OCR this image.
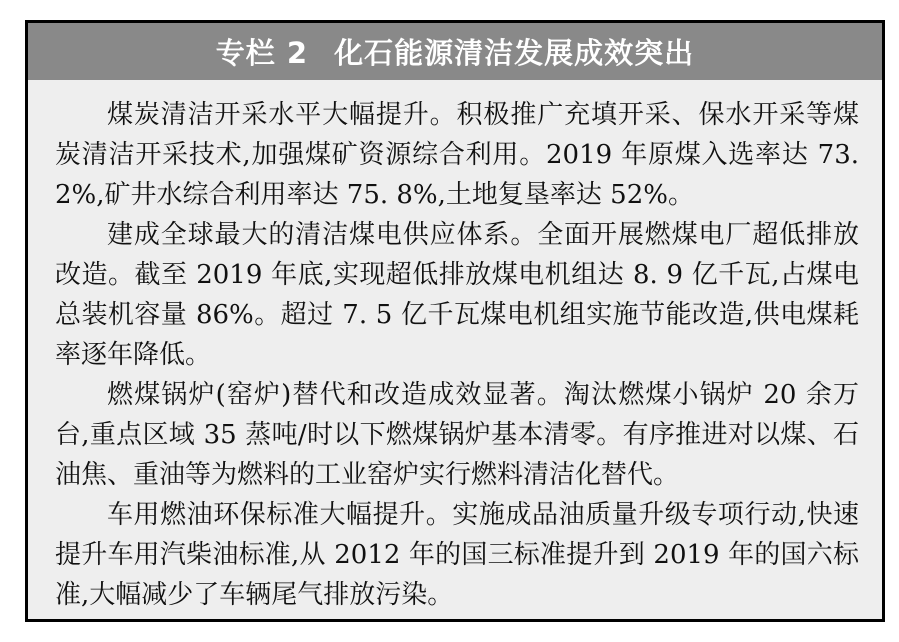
专栏 2 化石能源清洁发展成效突出

煤炭清洁开采水平大幅提升。积极推广充填开采、保水开采等煤炭清洁开采技术,加强煤矿资源综合利用。2019 年原煤入选率达 73. 2%,矿井水综合利用率达 75. 8%,土地复垦率达 52%。

建成全球最大的清洁煤电供应体系。全面开展燃煤电厂超低排放改造。截至 2019 年底,实现超低排放煤电机组达 8. 9 亿千瓦,占煤电总装机容量 86%。超过 7. 5 亿千瓦煤电机组实施节能改造,供电煤耗率逐年降低。

燃煤锅炉(窑炉)替代和改造成效显著。淘汰燃煤小锅炉 20 余万台,重点区域 35 蒸吨/时以下燃煤锅炉基本清零。有序推进对以煤、石油焦、重油等为燃料的工业窑炉实行燃料清洁化替代。

车用燃油环保标准大幅提升。实施成品油质量升级专项行动,快速提升车用汽柴油标准,从 2012 年的国三标准提升到 2019 年的国六标准,大幅减少了车辆尾气排放污染。
